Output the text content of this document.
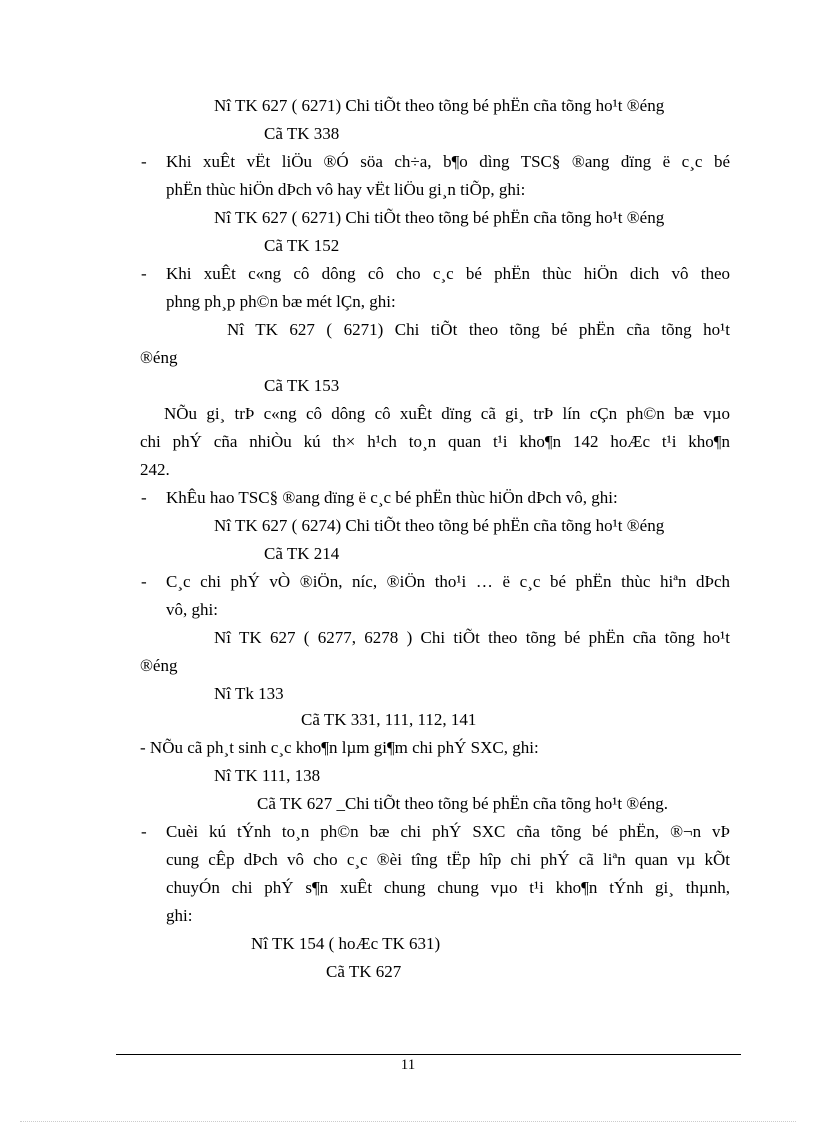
-
-
-
-
-
Nî TK 627 ( 6271) Chi tiÕt theo tõng bé phËn cña tõng ho¹t ®éng
Cã TK 338
Khi xuÊt vËt liÖu ®Ó söa ch÷a, b¶o dìng TSC§ ®ang dïng ë c¸c bé
phËn thùc hiÖn dÞch vô hay vËt liÖu gi¸n tiÕp, ghi:
Nî TK 627 ( 6271) Chi tiÕt theo tõng bé phËn cña tõng ho¹t ®éng
Cã TK 152
Khi xuÊt c«ng cô dông cô cho c¸c bé phËn thùc hiÖn dich vô theo
phng ph¸p ph©n bæ mét lÇn, ghi:
Nî TK 627 ( 6271) Chi tiÕt theo tõng bé phËn cña tõng ho¹t
®éng
Cã TK 153
NÕu gi¸ trÞ c«ng cô dông cô xuÊt dïng cã gi¸ trÞ lín cÇn ph©n bæ vµo
chi phÝ cña nhiÒu kú th× h¹ch to¸n quan t¹i kho¶n 142 hoÆc t¹i kho¶n
242.
KhÊu hao TSC§ ®ang dïng ë c¸c bé phËn thùc hiÖn dÞch vô, ghi:
Nî TK 627 ( 6274) Chi tiÕt theo tõng bé phËn cña tõng ho¹t ®éng
Cã TK 214
C¸c chi phÝ vÒ ®iÖn, níc, ®iÖn tho¹i … ë c¸c bé phËn thùc hiªn dÞch
vô, ghi:
Nî TK 627 ( 6277, 6278 ) Chi tiÕt theo tõng bé phËn cña tõng ho¹t
®éng
Nî Tk 133
Cã TK 331, 111, 112, 141
- NÕu cã ph¸t sinh c¸c kho¶n lµm gi¶m chi phÝ SXC, ghi:
Nî TK 111, 138
Cã TK 627 _Chi tiÕt theo tõng bé phËn cña tõng ho¹t ®éng.
Cuèi kú tÝnh to¸n ph©n bæ chi phÝ SXC cña tõng bé phËn, ®¬n vÞ
cung cÊp dÞch vô cho c¸c ®èi tîng tËp hîp chi phÝ cã liªn quan vµ kÕt
chuyÓn chi phÝ s¶n xuÊt chung chung vµo t¹i kho¶n tÝnh gi¸ thµnh,
ghi:
Nî TK 154 ( hoÆc TK 631)
Cã TK 627
11
